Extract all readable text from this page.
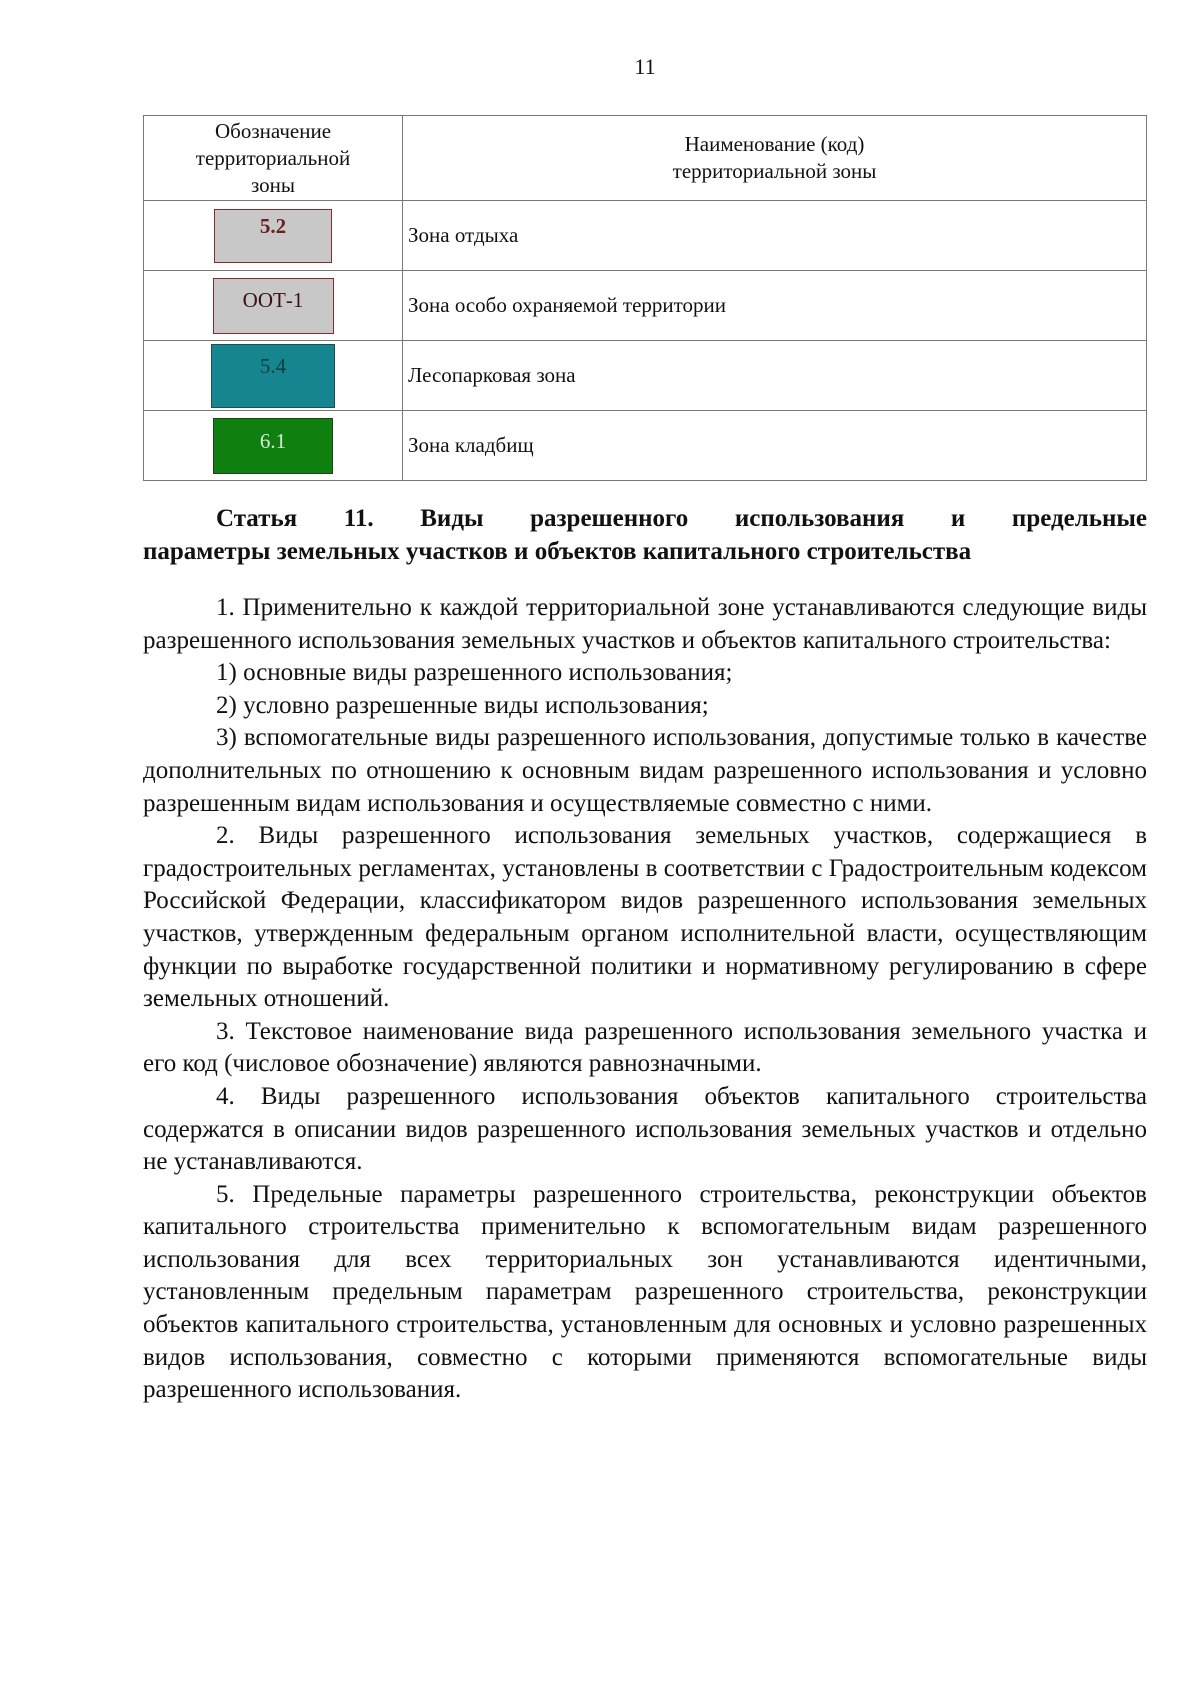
11
Обозначение территориальной зоны	Наименование (код) территориальной зоны

5.2	Зона отдыха
ООТ-1	Зона особо охраняемой территории
5.4	Лесопарковая зона
6.1	Зона кладбищ
Статья 11. Виды разрешенного использования и предельные
параметры земельных участков и объектов капитального строительства

1. Применительно к каждой территориальной зоне устанавливаются следующие виды разрешенного использования земельных участков и объектов капитального строительства:

1) основные виды разрешенного использования;

2) условно разрешенные виды использования;

3) вспомогательные виды разрешенного использования, допустимые только в качестве дополнительных по отношению к основным видам разрешенного использования и условно разрешенным видам использования и осуществляемые совместно с ними.

2. Виды разрешенного использования земельных участков, содержащиеся в градостроительных регламентах, установлены в соответствии с Градостроительным кодексом Российской Федерации, классификатором видов разрешенного использования земельных участков, утвержденным федеральным органом исполнительной власти, осуществляющим функции по выработке государственной политики и нормативному регулированию в сфере земельных отношений.

3. Текстовое наименование вида разрешенного использования земельного участка и его код (числовое обозначение) являются равнозначными.

4. Виды разрешенного использования объектов капитального строительства содержатся в описании видов разрешенного использования земельных участков и отдельно не устанавливаются.

5. Предельные параметры разрешенного строительства, реконструкции объектов капитального строительства применительно к вспомогательным видам разрешенного использования для всех территориальных зон устанавливаются идентичными, установленным предельным параметрам разрешенного строительства, реконструкции объектов капитального строительства, установленным для основных и условно разрешенных видов использования, совместно с которыми применяются вспомогательные виды разрешенного использования.
